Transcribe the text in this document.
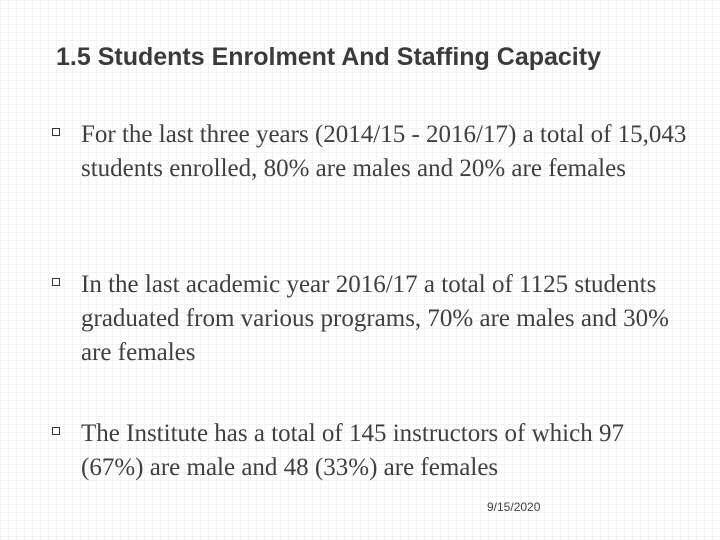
1.5 Students Enrolment And Staffing Capacity
For the last three years (2014/15 - 2016/17) a total of 15,043 students enrolled, 80% are males and 20% are females
In the last academic year 2016/17 a total of 1125 students graduated from various programs, 70% are males and 30% are females
The Institute has a total of 145 instructors of which 97 (67%) are male and 48 (33%) are females
9/15/2020
